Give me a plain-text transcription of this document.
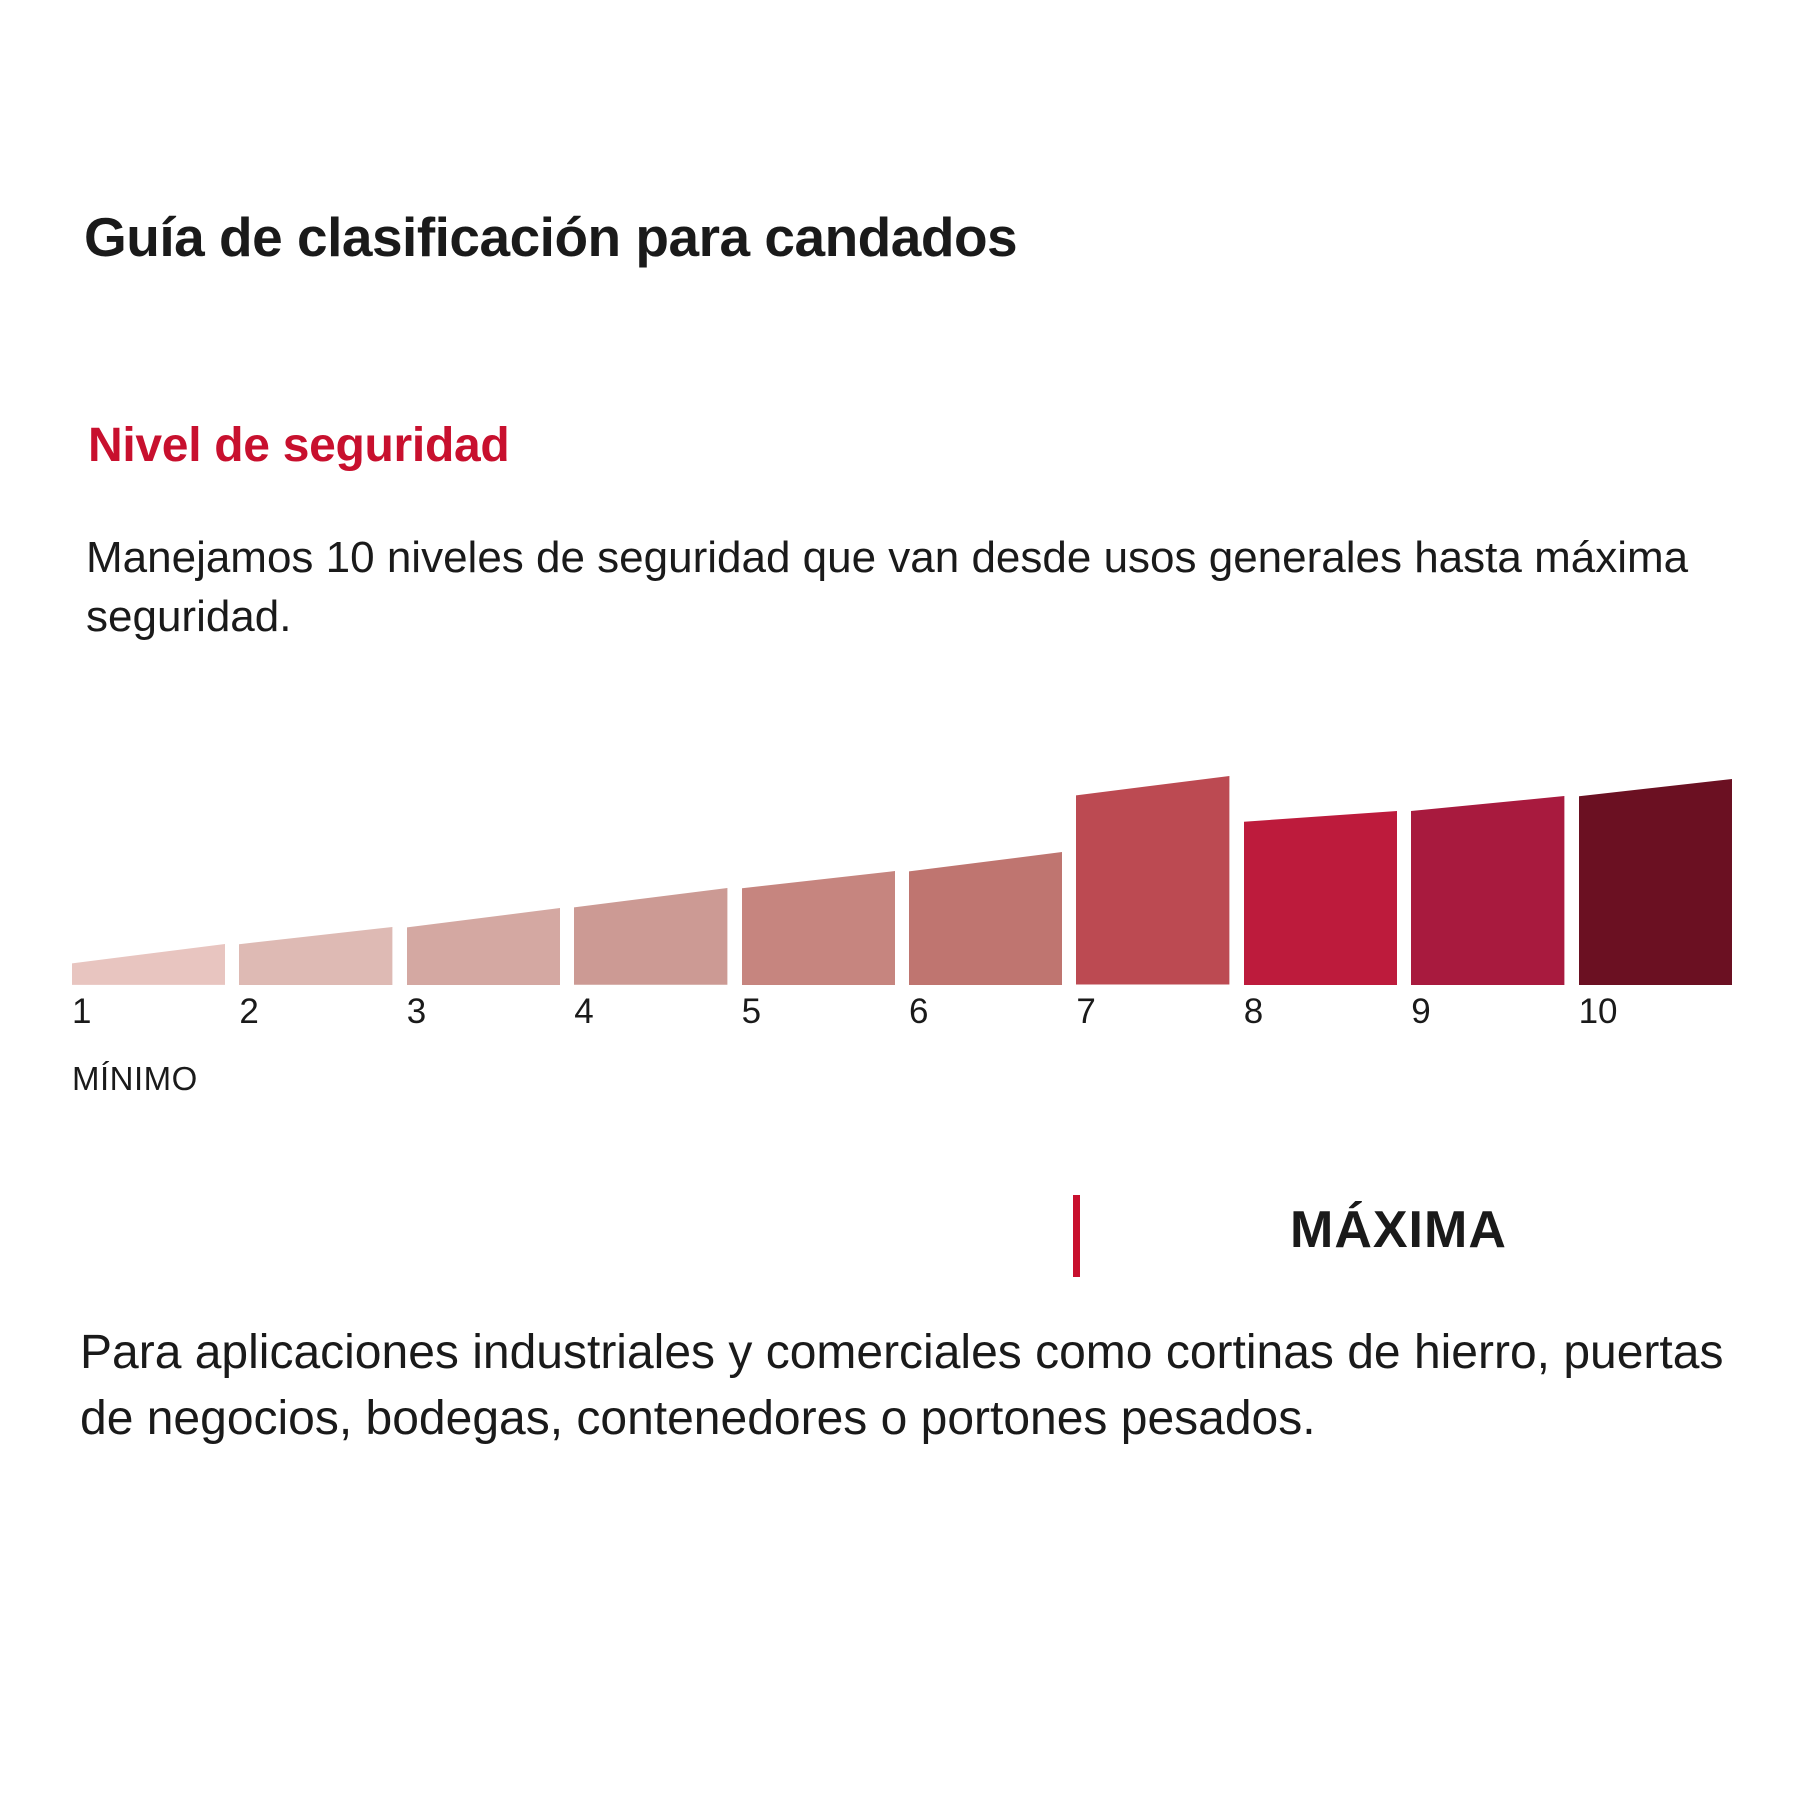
Guía de clasificación para candados
Nivel de seguridad
Manejamos 10 niveles de seguridad que van desde usos generales hasta máxima seguridad.
1	2	3	4	5	6	7	8	9	10
MÍNIMO
MÁXIMA
Para aplicaciones industriales y comerciales como cortinas de hierro, puertas de negocios, bodegas, contenedores o portones pesados.
